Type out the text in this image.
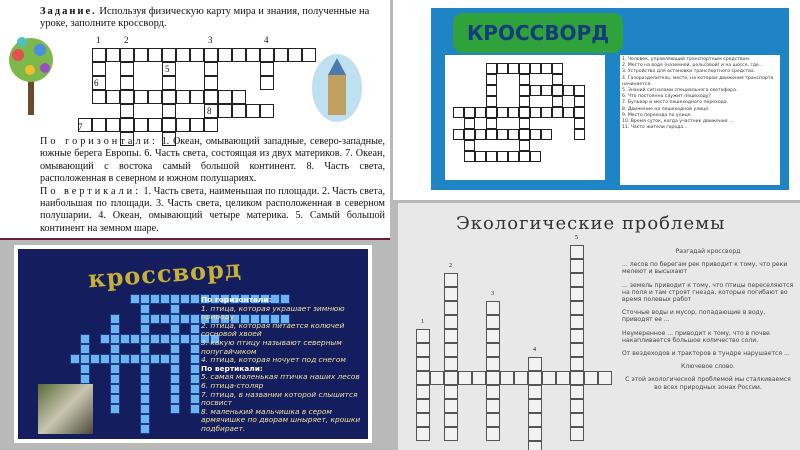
Задание. Используя физическую карту мира и знания, полученные на уроке, заполните кроссворд.
По горизонтали: 1. Океан, омывающий западные, северо-западные, южные берега Европы. 6. Часть света, состоящая из двух материков. 7. Океан, омывающий с востока самый большой континент. 8. Часть света, расположенная в северном и южном полушариях.
По вертикали: 1. Часть света, наименьшая по площади. 2. Часть света, наибольшая по площади. 3. Часть света, целиком расположенная в северном полушарии. 4. Океан, омывающий четыре материка. 5. Самый большой континент на земном шаре.
1	2	3	4
5
6
7
8
КРОССВОРД
1. Человек, управляющий транспортным средством.
2. Место на воде (наземной, рельсовой) и на шоссе, где...
3. Устройство для остановки транспортного средства.
4. Газоразделитель, место, на котором движения транспорта начинается.
5. Знаний сигналами специального светофора.
6. Что постоянно служит пешеходу?
7. Бульвар и место пешеходного перехода.
8. Движение на пешеходной улице.
9. Место перехода по улице.
10. Время суток, когда участник движения ...
11. Часто жители города...
кроссворд
По горизонтали:
1. птица, которая украшает зимнюю природу
2. птица, которая питается колючей сосновой хвоей
3. какую птицу называют северным попугайчиком
4. птица, которая ночует под снегом
По вертикали:
5. самая маленькая птичка наших лесов
6. птица-столяр
7. птица, в названии которой слышится посвист
8. маленький мальчишка в сером армячишке по дворам шныряет, крошки подбирает.
Экологические проблемы

Разгадай кроссворд

... лесов по берегам рек приводит к тому, что реки мелеют и высыхают

... земель приводит к тому, что птицы переселяются на поля и там строят гнезда, которые погибают во время полевых работ

Сточные воды и мусор, попадающие в воду, приводят ее ...

Неумеренное ... приводит к тому, что в почве накапливается большое количество соли.

От вездеходов и тракторов в тундре нарушается ...

Ключевое слово.

С этой экологической проблемой мы сталкиваемся во всех природных зонах России.

1
2
3
4
5
